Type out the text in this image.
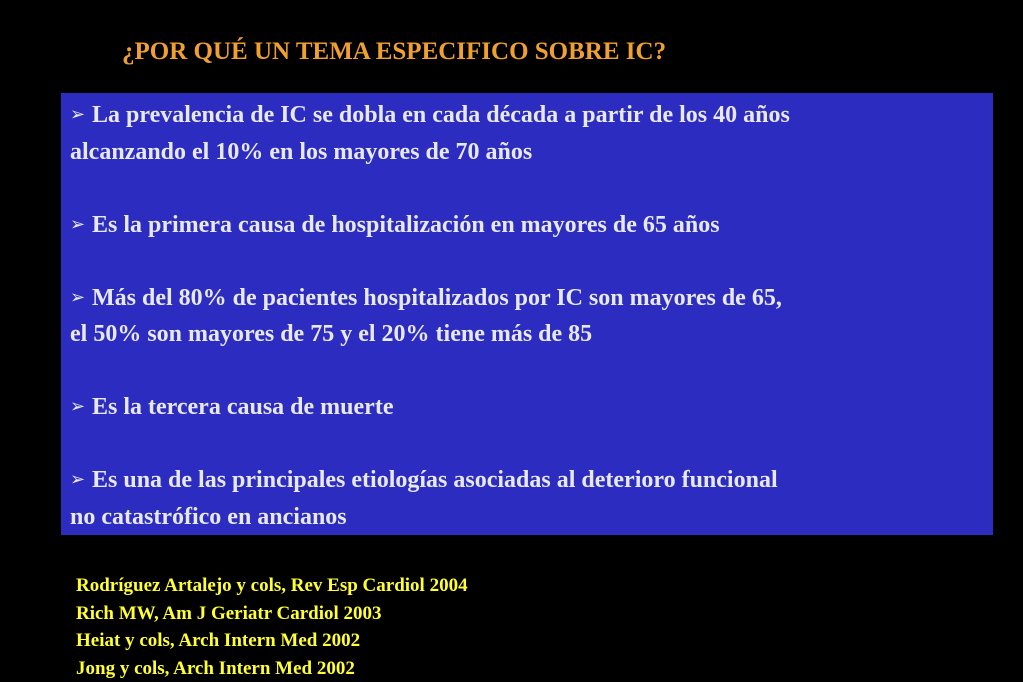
¿POR QUÉ UN TEMA ESPECIFICO SOBRE IC?
➢ La prevalencia de IC se dobla en cada década a partir de los 40 años
alcanzando el 10% en los mayores de 70 años
➢ Es la primera causa de hospitalización en mayores de 65 años
➢ Más del 80% de pacientes hospitalizados por IC son mayores de 65,
el 50% son mayores de 75 y el 20% tiene más de 85
➢ Es la tercera causa de muerte
➢ Es una de las principales etiologías asociadas al deterioro funcional
no catastrófico en ancianos
Rodríguez Artalejo y cols, Rev Esp Cardiol 2004
Rich MW, Am J Geriatr Cardiol 2003
Heiat y cols, Arch Intern Med 2002
Jong y cols, Arch Intern Med 2002
